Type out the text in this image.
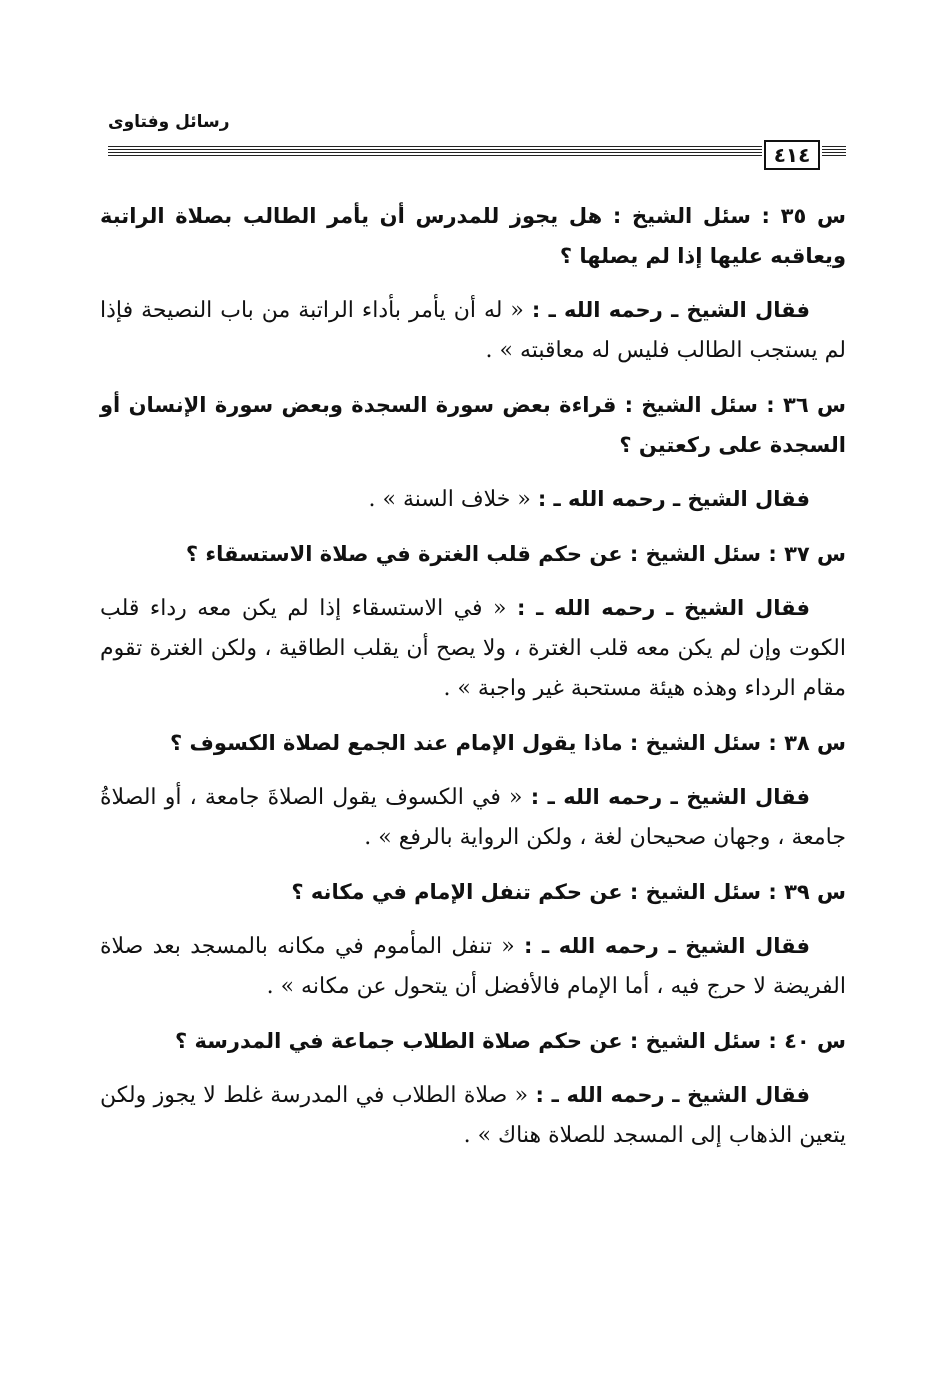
رسائل وفتاوى
٤١٤

س ٣٥ : سئل الشيخ : هل يجوز للمدرس أن يأمر الطالب بصلاة الراتبة ويعاقبه عليها إذا لم يصلها ؟

فقال الشيخ ـ رحمه الله ـ : « له أن يأمر بأداء الراتبة من باب النصيحة فإذا لم يستجب الطالب فليس له معاقبته » .

س ٣٦ : سئل الشيخ : قراءة بعض سورة السجدة وبعض سورة الإنسان أو السجدة على ركعتين ؟

فقال الشيخ ـ رحمه الله ـ : « خلاف السنة » .

س ٣٧ : سئل الشيخ : عن حكم قلب الغترة في صلاة الاستسقاء ؟

فقال الشيخ ـ رحمه الله ـ : « في الاستسقاء إذا لم يكن معه رداء قلب الكوت وإن لم يكن معه قلب الغترة ، ولا يصح أن يقلب الطاقية ، ولكن الغترة تقوم مقام الرداء وهذه هيئة مستحبة غير واجبة » .

س ٣٨ : سئل الشيخ : ماذا يقول الإمام عند الجمع لصلاة الكسوف ؟

فقال الشيخ ـ رحمه الله ـ : « في الكسوف يقول الصلاةَ جامعة ، أو الصلاةُ جامعة ، وجهان صحيحان لغة ، ولكن الرواية بالرفع » .

س ٣٩ : سئل الشيخ : عن حكم تنفل الإمام في مكانه ؟

فقال الشيخ ـ رحمه الله ـ : « تنفل المأموم في مكانه بالمسجد بعد صلاة الفريضة لا حرج فيه ، أما الإمام فالأفضل أن يتحول عن مكانه » .

س ٤٠ : سئل الشيخ : عن حكم صلاة الطلاب جماعة في المدرسة ؟

فقال الشيخ ـ رحمه الله ـ : « صلاة الطلاب في المدرسة غلط لا يجوز ولكن يتعين الذهاب إلى المسجد للصلاة هناك » .
